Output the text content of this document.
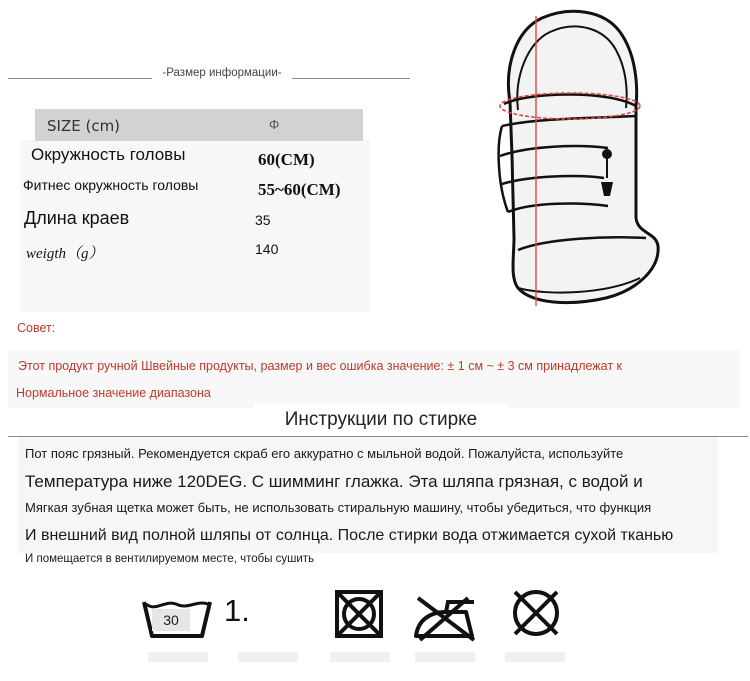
-Размер информации-
SIZE (cm)	Φ
Окружность головы	60(CM)
Фитнес окружность головы	55~60(CM)
Длина краев	35
weigth（g）	140
Совет:
Этот продукт ручной Швейные продукты, размер и вес ошибка значение: ± 1 см ~ ± 3 см принадлежат к
Нормальное значение диапазона
Инструкции по стирке
Пот пояс грязный. Рекомендуется скраб его аккуратно с мыльной водой. Пожалуйста, используйте
Температура ниже 120DEG. С шимминг глажка. Эта шляпа грязная, с водой и
Мягкая зубная щетка может быть, не использовать стиральную машину, чтобы убедиться, что функция
И внешний вид полной шляпы от солнца. После стирки вода отжимается сухой тканью
И помещается в вентилируемом месте, чтобы сушить
30	1.
